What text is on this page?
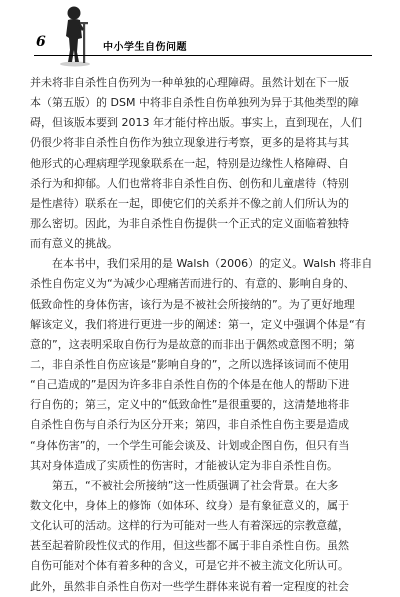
6	中小学生自伤问题
并未将非自杀性自伤列为一种单独的心理障碍。虽然计划在下一版
本（第五版）的 DSM 中将非自杀性自伤单独列为异于其他类型的障
碍，但该版本要到 2013 年才能付梓出版。事实上，直到现在，人们
仍很少将非自杀性自伤作为独立现象进行考察，更多的是将其与其
他形式的心理病理学现象联系在一起，特别是边缘性人格障碍、自
杀行为和抑郁。人们也常将非自杀性自伤、创伤和儿童虐待（特别
是性虐待）联系在一起，即使它们的关系并不像之前人们所认为的
那么密切。因此，为非自杀性自伤提供一个正式的定义面临着独特
而有意义的挑战。
　　在本书中，我们采用的是 Walsh（2006）的定义。Walsh 将非自
杀性自伤定义为“为减少心理痛苦而进行的、有意的、影响自身的、
低致命性的身体伤害，该行为是不被社会所接纳的”。为了更好地理
解该定义，我们将进行更进一步的阐述：第一，定义中强调个体是“有
意的”，这表明采取自伤行为是故意的而非出于偶然或意图不明；第
二，非自杀性自伤应该是“影响自身的”，之所以选择该词而不使用
“自己造成的”是因为许多非自杀性自伤的个体是在他人的帮助下进
行自伤的；第三，定义中的“低致命性”是很重要的，这清楚地将非
自杀性自伤与自杀行为区分开来；第四，非自杀性自伤主要是造成
“身体伤害”的，一个学生可能会谈及、计划或企图自伤，但只有当
其对身体造成了实质性的伤害时，才能被认定为非自杀性自伤。
　　第五，“不被社会所接纳”这一性质强调了社会背景。在大多
数文化中，身体上的修饰（如体环、纹身）是有象征意义的，属于
文化认可的活动。这样的行为可能对一些人有着深远的宗教意蕴，
甚至起着阶段性仪式的作用，但这些都不属于非自杀性自伤。虽然
自伤可能对个体有着多种的含义，可是它并不被主流文化所认可。
此外，虽然非自杀性自伤对一些学生群体来说有着一定程度的社会
